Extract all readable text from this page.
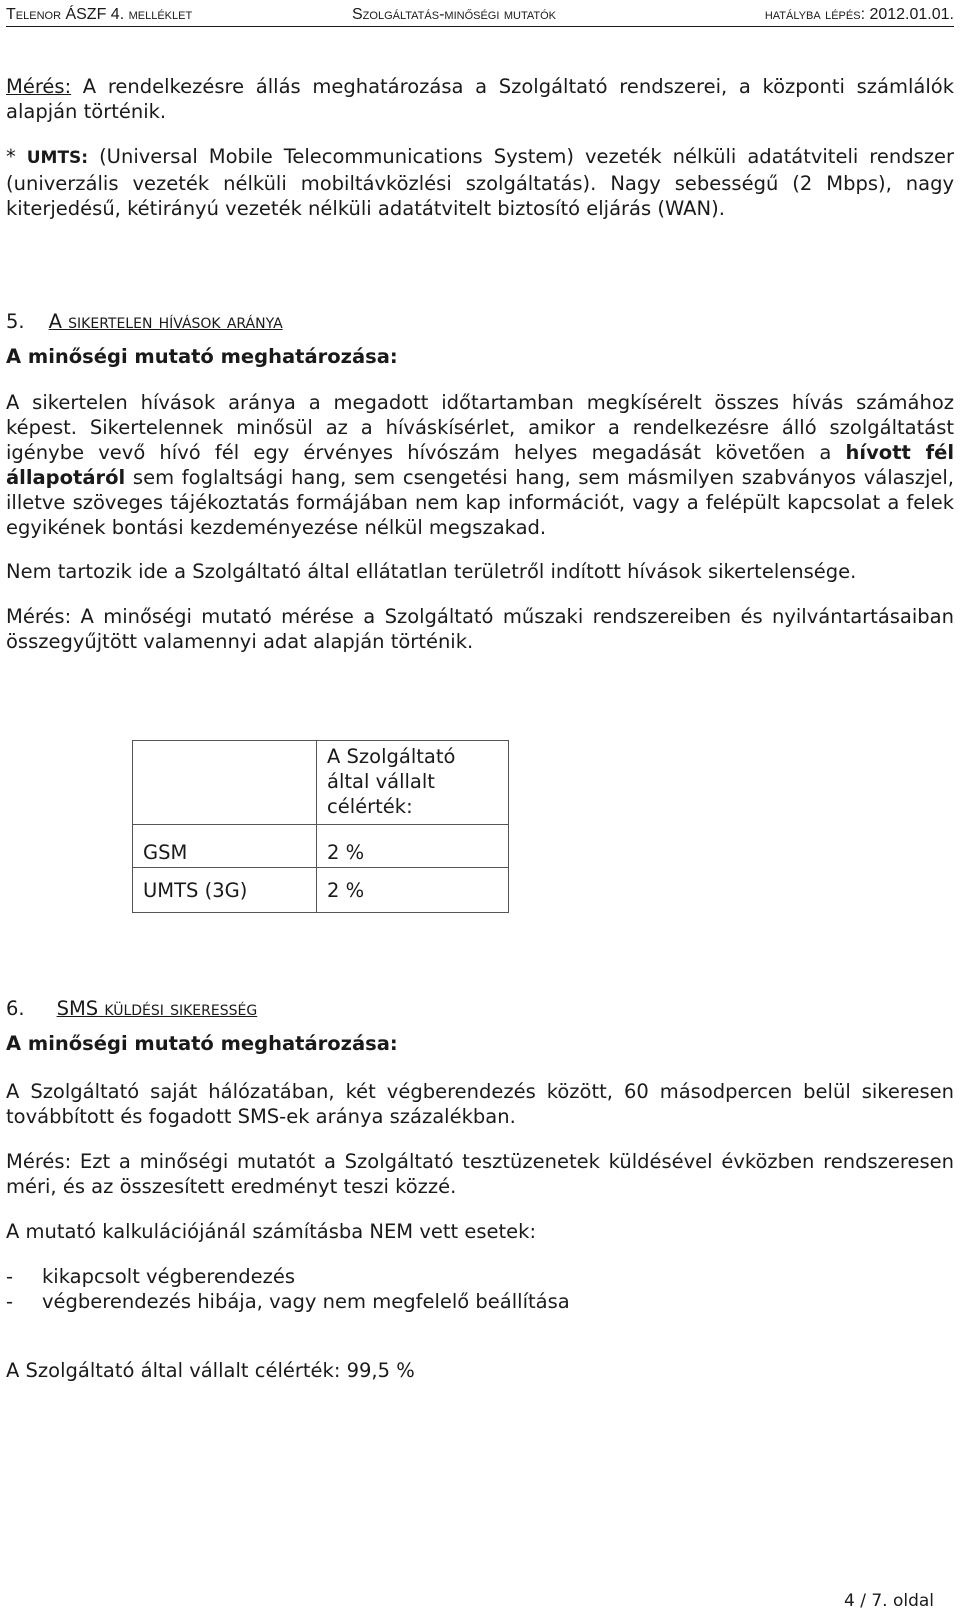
Telenor ÁSZF 4. melléklet	Szolgáltatás-minőségi mutatók	hatályba lépés: 2012.01.01.
Mérés: A rendelkezésre állás meghatározása a Szolgáltató rendszerei, a központi számlálók alapján történik.
* UMTS: (Universal Mobile Telecommunications System) vezeték nélküli adatátviteli rendszer (univerzális vezeték nélküli mobiltávközlési szolgáltatás). Nagy sebességű (2 Mbps), nagy kiterjedésű, kétirányú vezeték nélküli adatátvitelt biztosító eljárás (WAN).
5. A sikertelen hívások aránya
A minőségi mutató meghatározása:
A sikertelen hívások aránya a megadott időtartamban megkísérelt összes hívás számához képest. Sikertelennek minősül az a híváskísérlet, amikor a rendelkezésre álló szolgáltatást igénybe vevő hívó fél egy érvényes hívószám helyes megadását követően a hívott fél állapotáról sem foglaltsági hang, sem csengetési hang, sem másmilyen szabványos válaszjel, illetve szöveges tájékoztatás formájában nem kap információt, vagy a felépült kapcsolat a felek egyikének bontási kezdeményezése nélkül megszakad.
Nem tartozik ide a Szolgáltató által ellátatlan területről indított hívások sikertelensége.
Mérés: A minőségi mutató mérése a Szolgáltató műszaki rendszereiben és nyilvántartásaiban összegyűjtött valamennyi adat alapján történik.
	A Szolgáltató által vállalt célérték:
GSM	2 %
UMTS (3G)	2 %
6. SMS küldési sikeresség
A minőségi mutató meghatározása:
A Szolgáltató saját hálózatában, két végberendezés között, 60 másodpercen belül sikeresen továbbított és fogadott SMS-ek aránya százalékban.
Mérés: Ezt a minőségi mutatót a Szolgáltató tesztüzenetek küldésével évközben rendszeresen méri, és az összesített eredményt teszi közzé.
A mutató kalkulációjánál számításba NEM vett esetek:
- kikapcsolt végberendezés
- végberendezés hibája, vagy nem megfelelő beállítása
A Szolgáltató által vállalt célérték: 99,5 %
4 / 7. oldal
